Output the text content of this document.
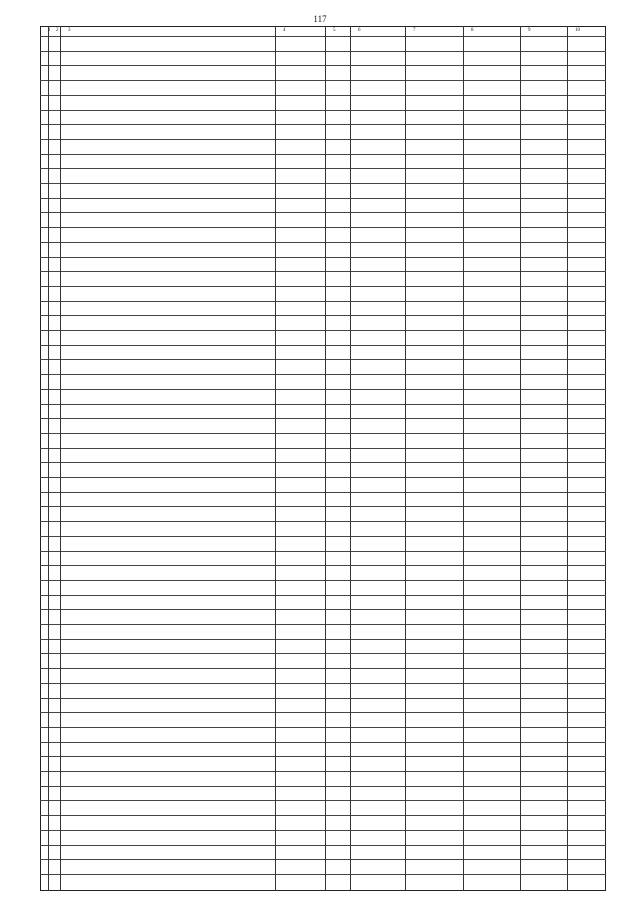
117
1 2 3	4	5	6	7	8	9	10
